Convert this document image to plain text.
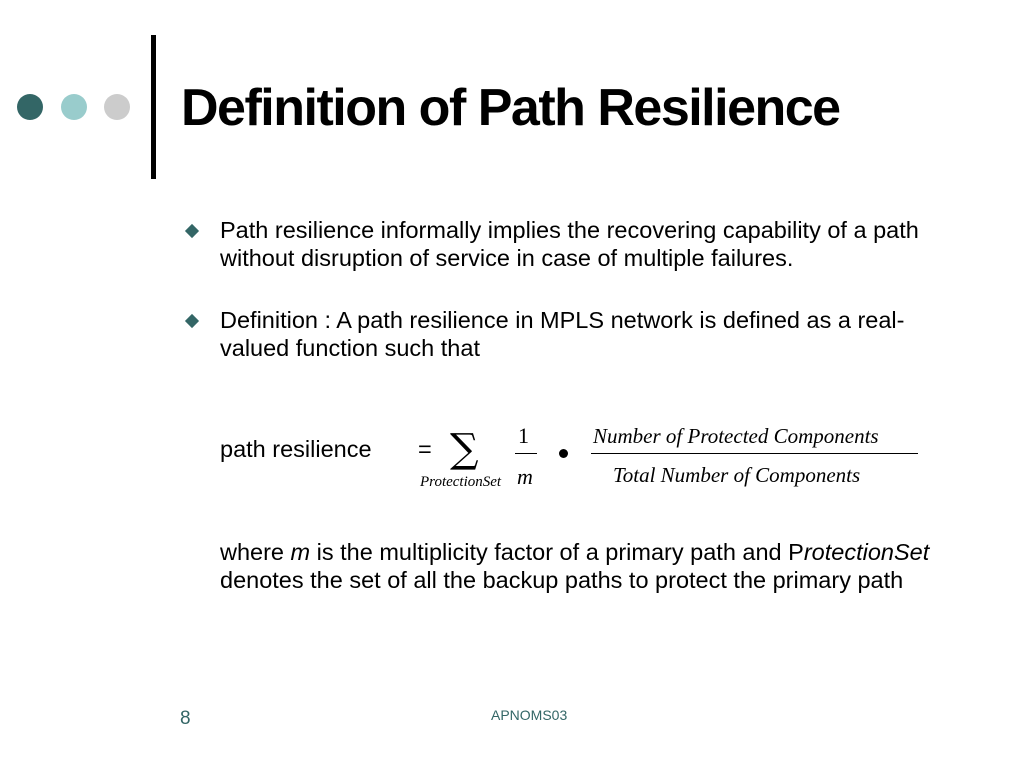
Definition of Path Resilience
Path resilience informally implies the recovering capability of a path without disruption of service in case of multiple failures.
Definition : A path resilience in MPLS network is defined as a real-valued function such that
path resilience = ∑
ProtectionSet
1
m
Number of Protected Components
Total Number of Components
where m is the multiplicity factor of a primary path and ProtectionSet denotes the set of all the backup paths to protect the primary path
8	APNOMS03
